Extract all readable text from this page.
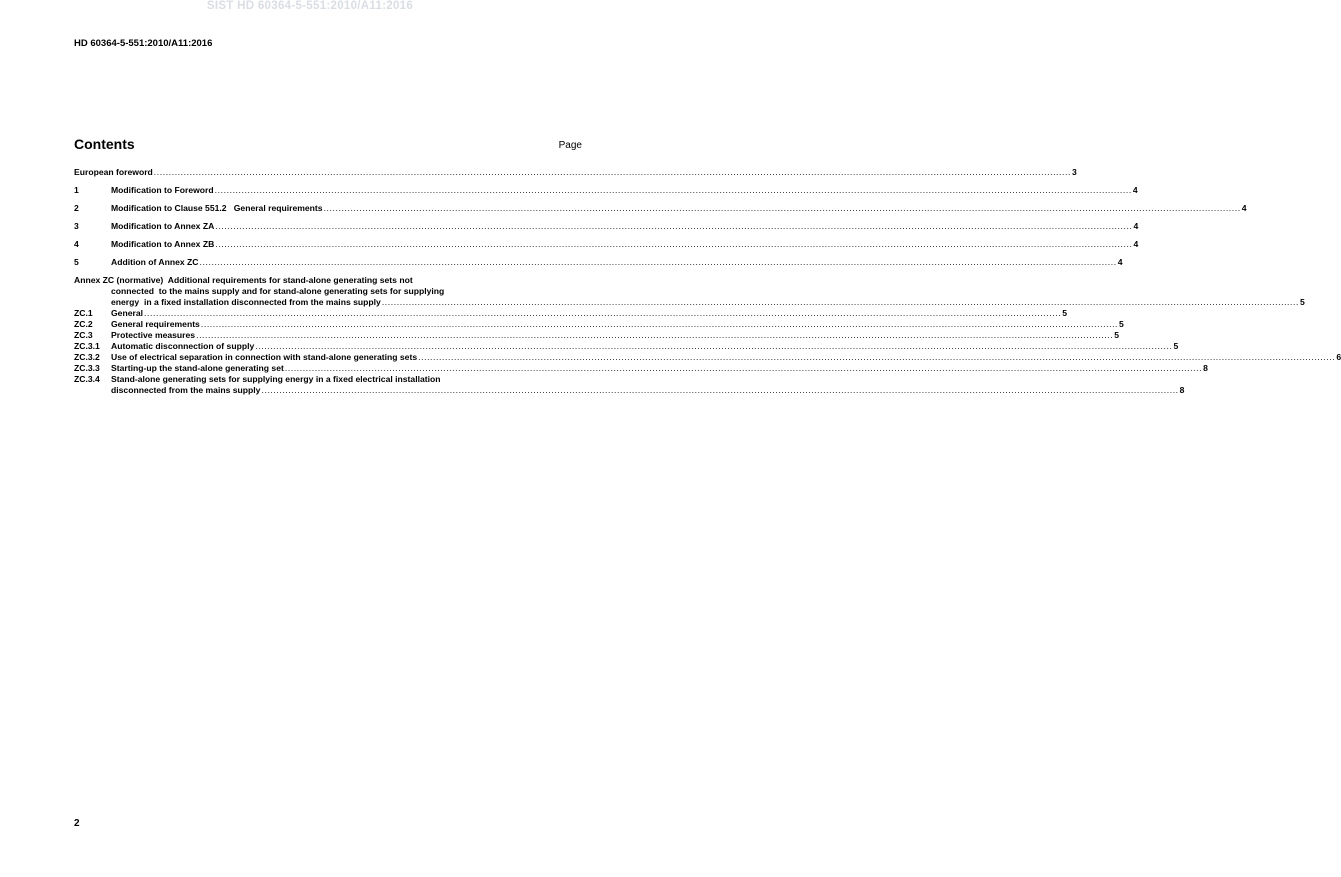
SIST HD 60364-5-551:2010/A11:2016
HD 60364-5-551:2010/A11:2016
Contents	Page
European foreword .....	3
1	Modification to Foreword .....	4
2	Modification to Clause 551.2   General requirements .....	4
3	Modification to Annex ZA .....	4
4	Modification to Annex ZB .....	4
5	Addition of Annex ZC .....	4
Annex ZC (normative)  Additional requirements for stand-alone generating sets not
connected  to the mains supply and for stand-alone generating sets for supplying
energy  in a fixed installation disconnected from the mains supply .....	5
ZC.1	General .....	5
ZC.2	General requirements .....	5
ZC.3	Protective measures .....	5
ZC.3.1	Automatic disconnection of supply .....	5
ZC.3.2	Use of electrical separation in connection with stand-alone generating sets .....	6
ZC.3.3	Starting-up the stand-alone generating set .....	8
ZC.3.4	Stand-alone generating sets for supplying energy in a fixed electrical installation
disconnected from the mains supply .....	8
2
